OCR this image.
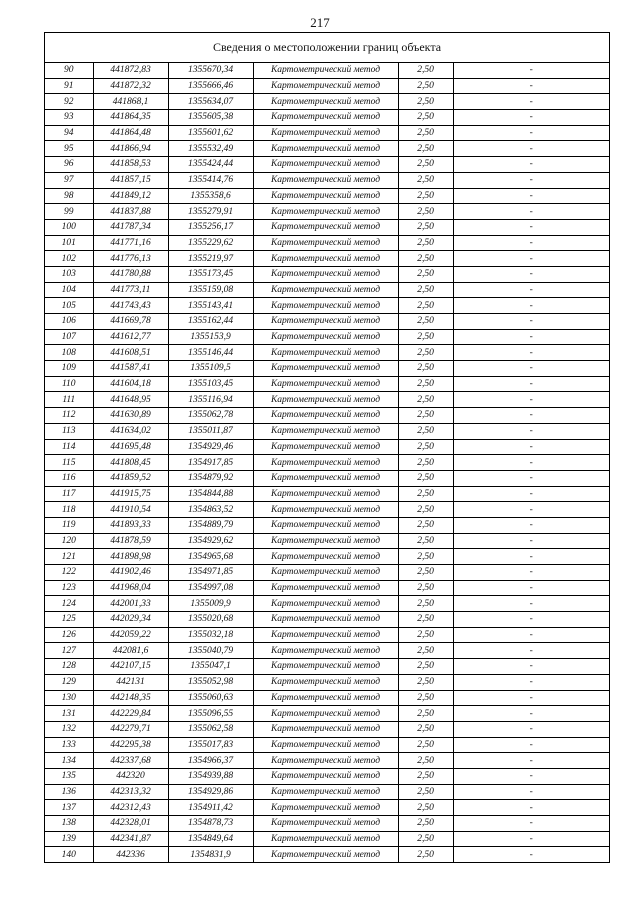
217
Сведения о местоположении границ объекта
90	441872,83	1355670,34	Картометрический метод	2,50	-
91	441872,32	1355666,46	Картометрический метод	2,50	-
92	441868,1	1355634,07	Картометрический метод	2,50	-
93	441864,35	1355605,38	Картометрический метод	2,50	-
94	441864,48	1355601,62	Картометрический метод	2,50	-
95	441866,94	1355532,49	Картометрический метод	2,50	-
96	441858,53	1355424,44	Картометрический метод	2,50	-
97	441857,15	1355414,76	Картометрический метод	2,50	-
98	441849,12	1355358,6	Картометрический метод	2,50	-
99	441837,88	1355279,91	Картометрический метод	2,50	-
100	441787,34	1355256,17	Картометрический метод	2,50	-
101	441771,16	1355229,62	Картометрический метод	2,50	-
102	441776,13	1355219,97	Картометрический метод	2,50	-
103	441780,88	1355173,45	Картометрический метод	2,50	-
104	441773,11	1355159,08	Картометрический метод	2,50	-
105	441743,43	1355143,41	Картометрический метод	2,50	-
106	441669,78	1355162,44	Картометрический метод	2,50	-
107	441612,77	1355153,9	Картометрический метод	2,50	-
108	441608,51	1355146,44	Картометрический метод	2,50	-
109	441587,41	1355109,5	Картометрический метод	2,50	-
110	441604,18	1355103,45	Картометрический метод	2,50	-
111	441648,95	1355116,94	Картометрический метод	2,50	-
112	441630,89	1355062,78	Картометрический метод	2,50	-
113	441634,02	1355011,87	Картометрический метод	2,50	-
114	441695,48	1354929,46	Картометрический метод	2,50	-
115	441808,45	1354917,85	Картометрический метод	2,50	-
116	441859,52	1354879,92	Картометрический метод	2,50	-
117	441915,75	1354844,88	Картометрический метод	2,50	-
118	441910,54	1354863,52	Картометрический метод	2,50	-
119	441893,33	1354889,79	Картометрический метод	2,50	-
120	441878,59	1354929,62	Картометрический метод	2,50	-
121	441898,98	1354965,68	Картометрический метод	2,50	-
122	441902,46	1354971,85	Картометрический метод	2,50	-
123	441968,04	1354997,08	Картометрический метод	2,50	-
124	442001,33	1355009,9	Картометрический метод	2,50	-
125	442029,34	1355020,68	Картометрический метод	2,50	-
126	442059,22	1355032,18	Картометрический метод	2,50	-
127	442081,6	1355040,79	Картометрический метод	2,50	-
128	442107,15	1355047,1	Картометрический метод	2,50	-
129	442131	1355052,98	Картометрический метод	2,50	-
130	442148,35	1355060,63	Картометрический метод	2,50	-
131	442229,84	1355096,55	Картометрический метод	2,50	-
132	442279,71	1355062,58	Картометрический метод	2,50	-
133	442295,38	1355017,83	Картометрический метод	2,50	-
134	442337,68	1354966,37	Картометрический метод	2,50	-
135	442320	1354939,88	Картометрический метод	2,50	-
136	442313,32	1354929,86	Картометрический метод	2,50	-
137	442312,43	1354911,42	Картометрический метод	2,50	-
138	442328,01	1354878,73	Картометрический метод	2,50	-
139	442341,87	1354849,64	Картометрический метод	2,50	-
140	442336	1354831,9	Картометрический метод	2,50	-
